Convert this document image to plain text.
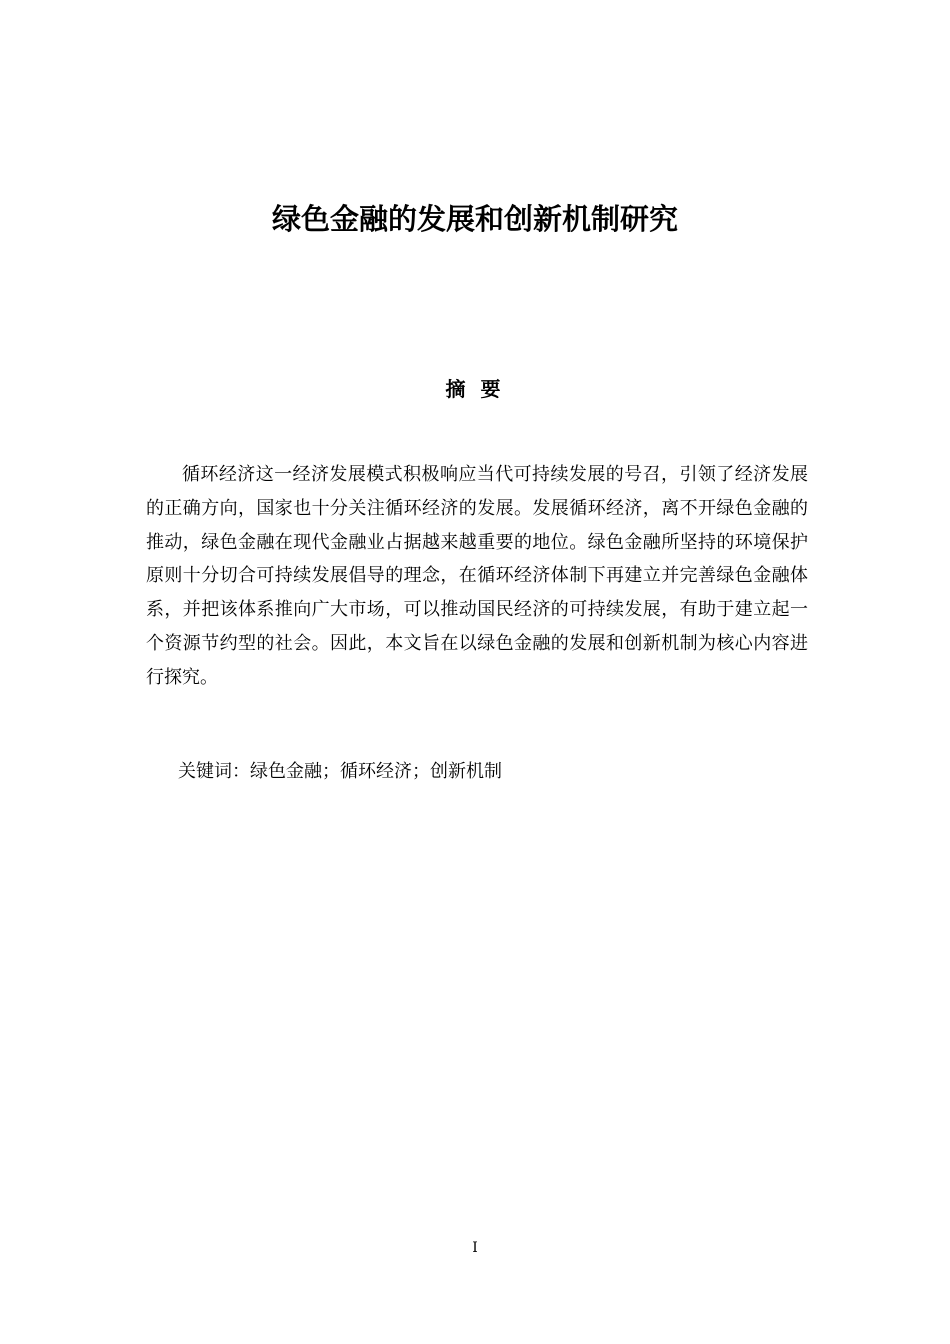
绿色金融的发展和创新机制研究
摘 要
循环经济这一经济发展模式积极响应当代可持续发展的号召，引领了经济发展的正确方向，国家也十分关注循环经济的发展。发展循环经济，离不开绿色金融的推动，绿色金融在现代金融业占据越来越重要的地位。绿色金融所坚持的环境保护原则十分切合可持续发展倡导的理念，在循环经济体制下再建立并完善绿色金融体系，并把该体系推向广大市场，可以推动国民经济的可持续发展，有助于建立起一个资源节约型的社会。因此，本文旨在以绿色金融的发展和创新机制为核心内容进行探究。
关键词：绿色金融；循环经济；创新机制
I
